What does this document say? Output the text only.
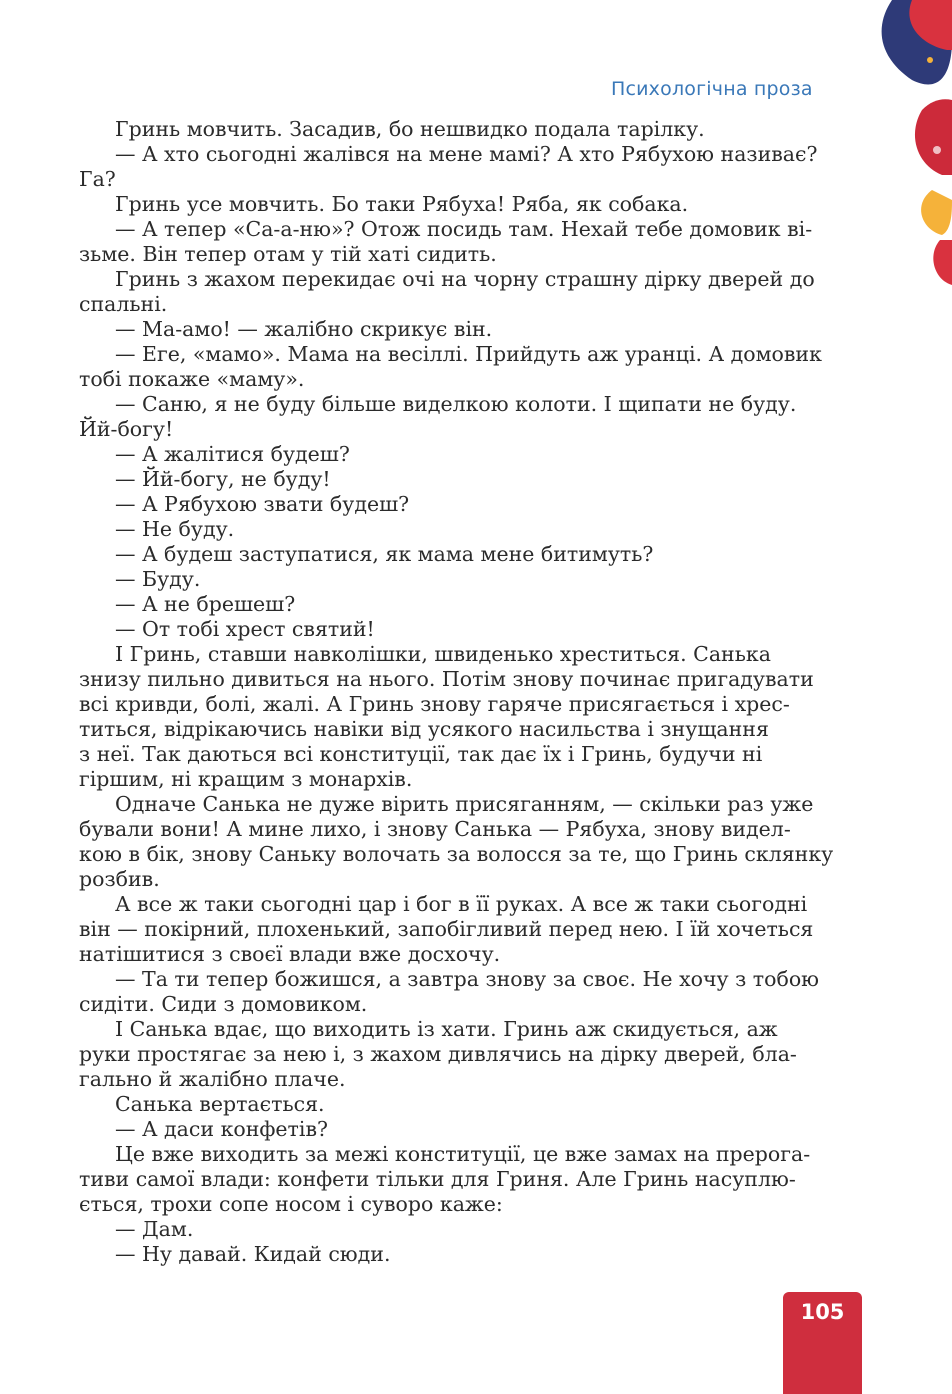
Психологічна проза
Гринь мовчить. Засадив, бо нешвидко подала тарілку.
— А хто сьогодні жалівся на мене мамі? А хто Рябухою називає?
Га?
Гринь усе мовчить. Бо таки Рябуха! Ряба, як собака.
— А тепер «Са-а-ню»? Отож посидь там. Нехай тебе домовик ві-
зьме. Він тепер отам у тій хаті сидить.
Гринь з жахом перекидає очі на чорну страшну дірку дверей до
спальні.
— Ма-амо! — жалібно скрикує він.
— Еге, «мамо». Мама на весіллі. Прийдуть аж уранці. А домовик
тобі покаже «маму».
— Саню, я не буду більше виделкою колоти. І щипати не буду.
Йй-богу!
— А жалітися будеш?
— Йй-богу, не буду!
— А Рябухою звати будеш?
— Не буду.
— А будеш заступатися, як мама мене битимуть?
— Буду.
— А не брешеш?
— От тобі хрест святий!
І Гринь, ставши навколішки, швиденько хреститься. Санька
знизу пильно дивиться на нього. Потім знову починає пригадувати
всі кривди, болі, жалі. А Гринь знову гаряче присягається і хрес-
титься, відрікаючись навіки від усякого насильства і знущання
з неї. Так даються всі конституції, так дає їх і Гринь, будучи ні
гіршим, ні кращим з монархів.
Одначе Санька не дуже вірить присяганням, — скільки раз уже
бували вони! А мине лихо, і знову Санька — Рябуха, знову видел-
кою в бік, знову Саньку волочать за волосся за те, що Гринь склянку
розбив.
А все ж таки сьогодні цар і бог в її руках. А все ж таки сьогодні
він — покірний, плохенький, запобігливий перед нею. І їй хочеться
натішитися з своєї влади вже досхочу.
— Та ти тепер божишся, а завтра знову за своє. Не хочу з тобою
сидіти. Сиди з домовиком.
І Санька вдає, що виходить із хати. Гринь аж скидується, аж
руки простягає за нею і, з жахом дивлячись на дірку дверей, бла-
гально й жалібно плаче.
Санька вертається.
— А даси конфетів?
Це вже виходить за межі конституції, це вже замах на прерога-
тиви самої влади: конфети тільки для Гриня. Але Гринь насуплю-
ється, трохи сопе носом і суворо каже:
— Дам.
— Ну давай. Кидай сюди.
105
